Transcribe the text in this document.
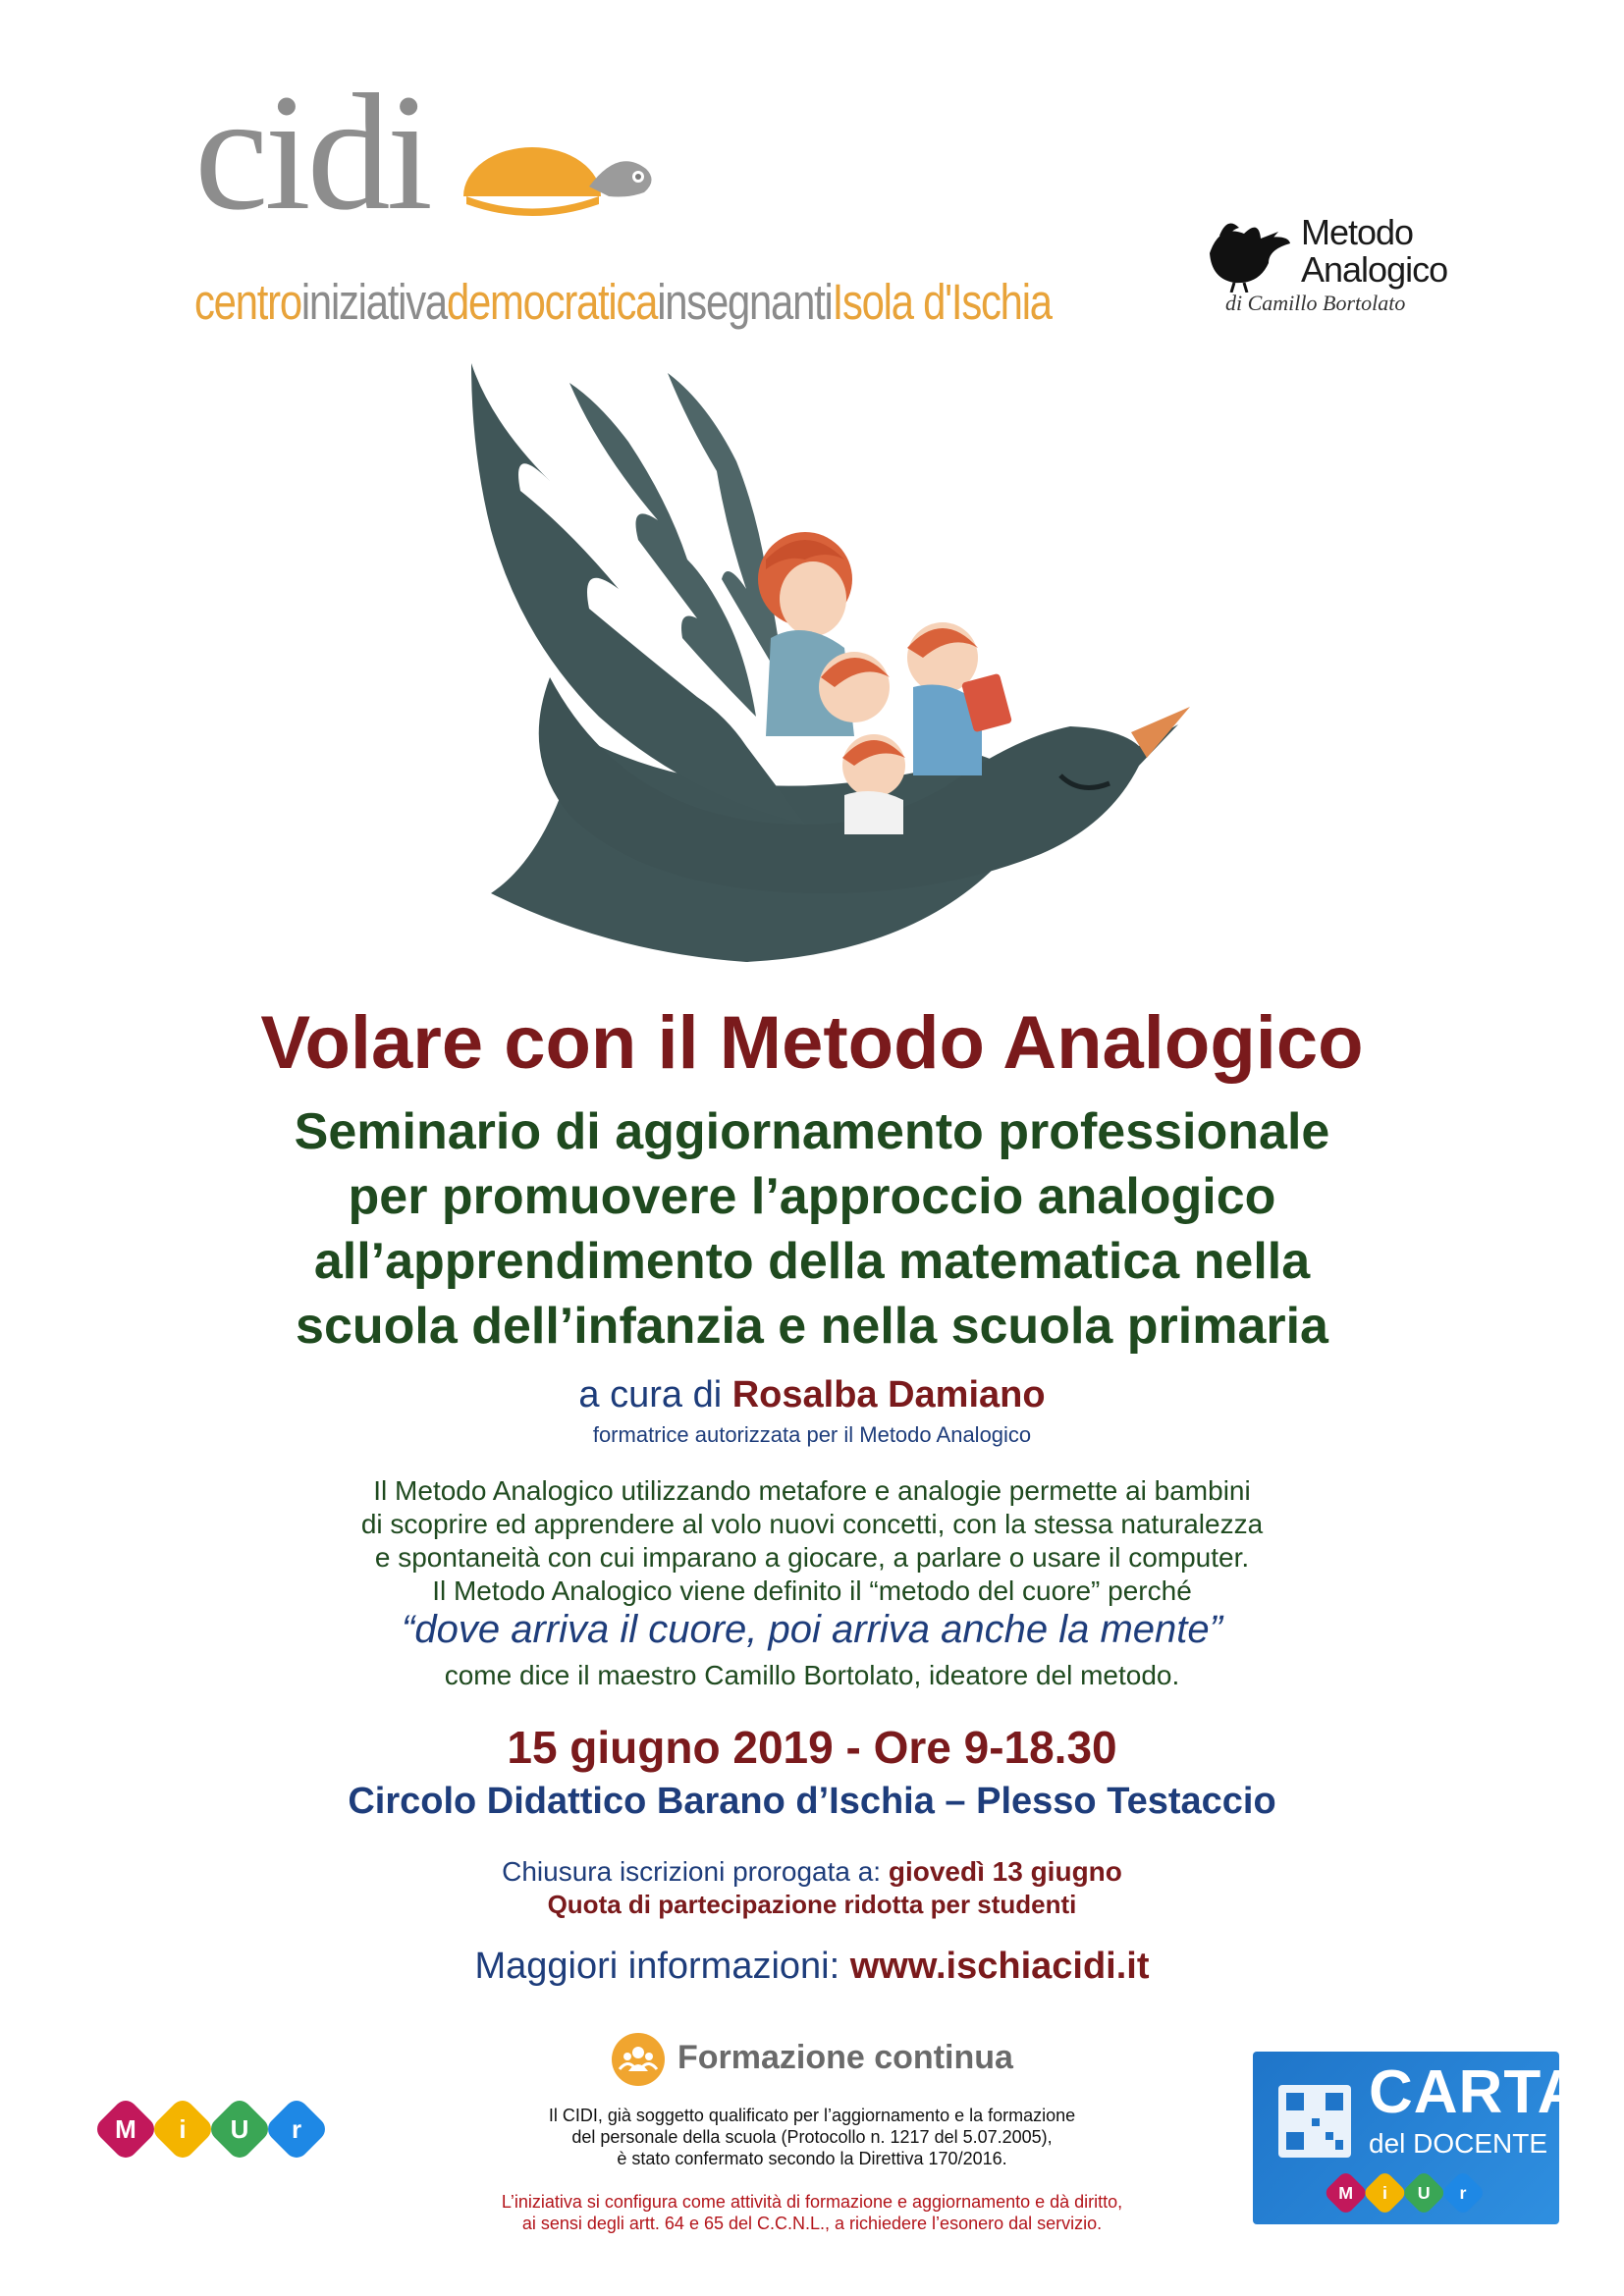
cidi
centroiniziativademocraticainsegnantiIsola d'Ischia
Metodo
Analogico
di Camillo Bortolato
Volare con il Metodo Analogico
Seminario di aggiornamento professionale
per promuovere l’approccio analogico
all’apprendimento della matematica nella
scuola dell’infanzia e nella scuola primaria
a cura di Rosalba Damiano
formatrice autorizzata per il Metodo Analogico
Il Metodo Analogico utilizzando metafore e analogie permette ai bambini
di scoprire ed apprendere al volo nuovi concetti, con la stessa naturalezza
e spontaneità con cui imparano a giocare, a parlare o usare il computer.
Il Metodo Analogico viene definito il “metodo del cuore” perché
“dove arriva il cuore, poi arriva anche la mente”
come dice il maestro Camillo Bortolato, ideatore del metodo.
15 giugno 2019 - Ore 9-18.30
Circolo Didattico Barano d’Ischia – Plesso Testaccio
Chiusura iscrizioni prorogata a: giovedì 13 giugno
Quota di partecipazione ridotta per studenti
Maggiori informazioni: www.ischiacidi.it
Formazione continua
M i U r	Il CIDI, già soggetto qualificato per l’aggiornamento e la formazione
del personale della scuola (Protocollo n. 1217 del 5.07.2005),
è stato confermato secondo la Direttiva 170/2016.
L’iniziativa si configura come attività di formazione e aggiornamento e dà diritto,
ai sensi degli artt. 64 e 65 del C.C.N.L., a richiedere l’esonero dal servizio.
CARTA
del DOCENTE
M i U r
